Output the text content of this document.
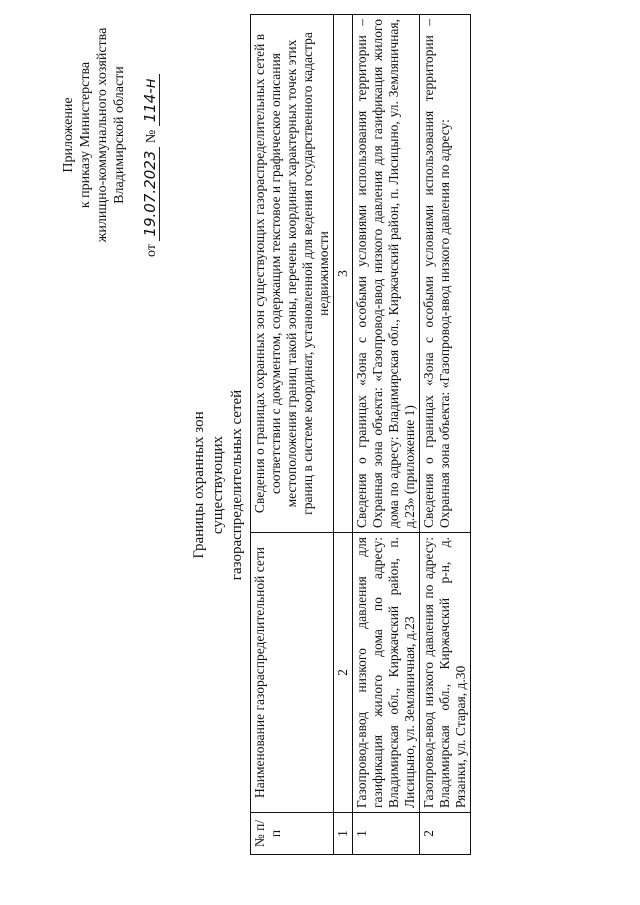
Приложение к приказу Министерства жилищно-коммунального хозяйства Владимирской области
от 19.07.2023 № 114-н
Границы охранных зон существующих газораспределительных сетей
№ п/п	Наименование газораспределительной сети	Сведения о границах охранных зон существующих газораспределительных сетей в соответствии с документом, содержащим текстовое и графическое описания местоположения границ такой зоны, перечень координат характерных точек этих границ в системе координат, установленной для ведения государственного кадастра недвижимости
1	2	3
1	Газопровод-ввод низкого давления для газификация жилого дома по адресу: Владимирская обл., Киржачский район, п. Лисицыно, ул. Земляничная, д.23	Сведения о границах «Зона с особыми условиями использования территории – Охранная зона объекта: «Газопровод-ввод низкого давления для газификация жилого дома по адресу: Владимирская обл., Киржачский район, п. Лисицыно, ул. Земляничная, д.23» (приложение 1)
2	Газопровод-ввод низкого давления по адресу: Владимирская обл., Киржачский р-н, д. Рязанки, ул. Старая, д.30	Сведения о границах «Зона с особыми условиями использования территории – Охранная зона объекта: «Газопровод-ввод низкого давления по адресу:
